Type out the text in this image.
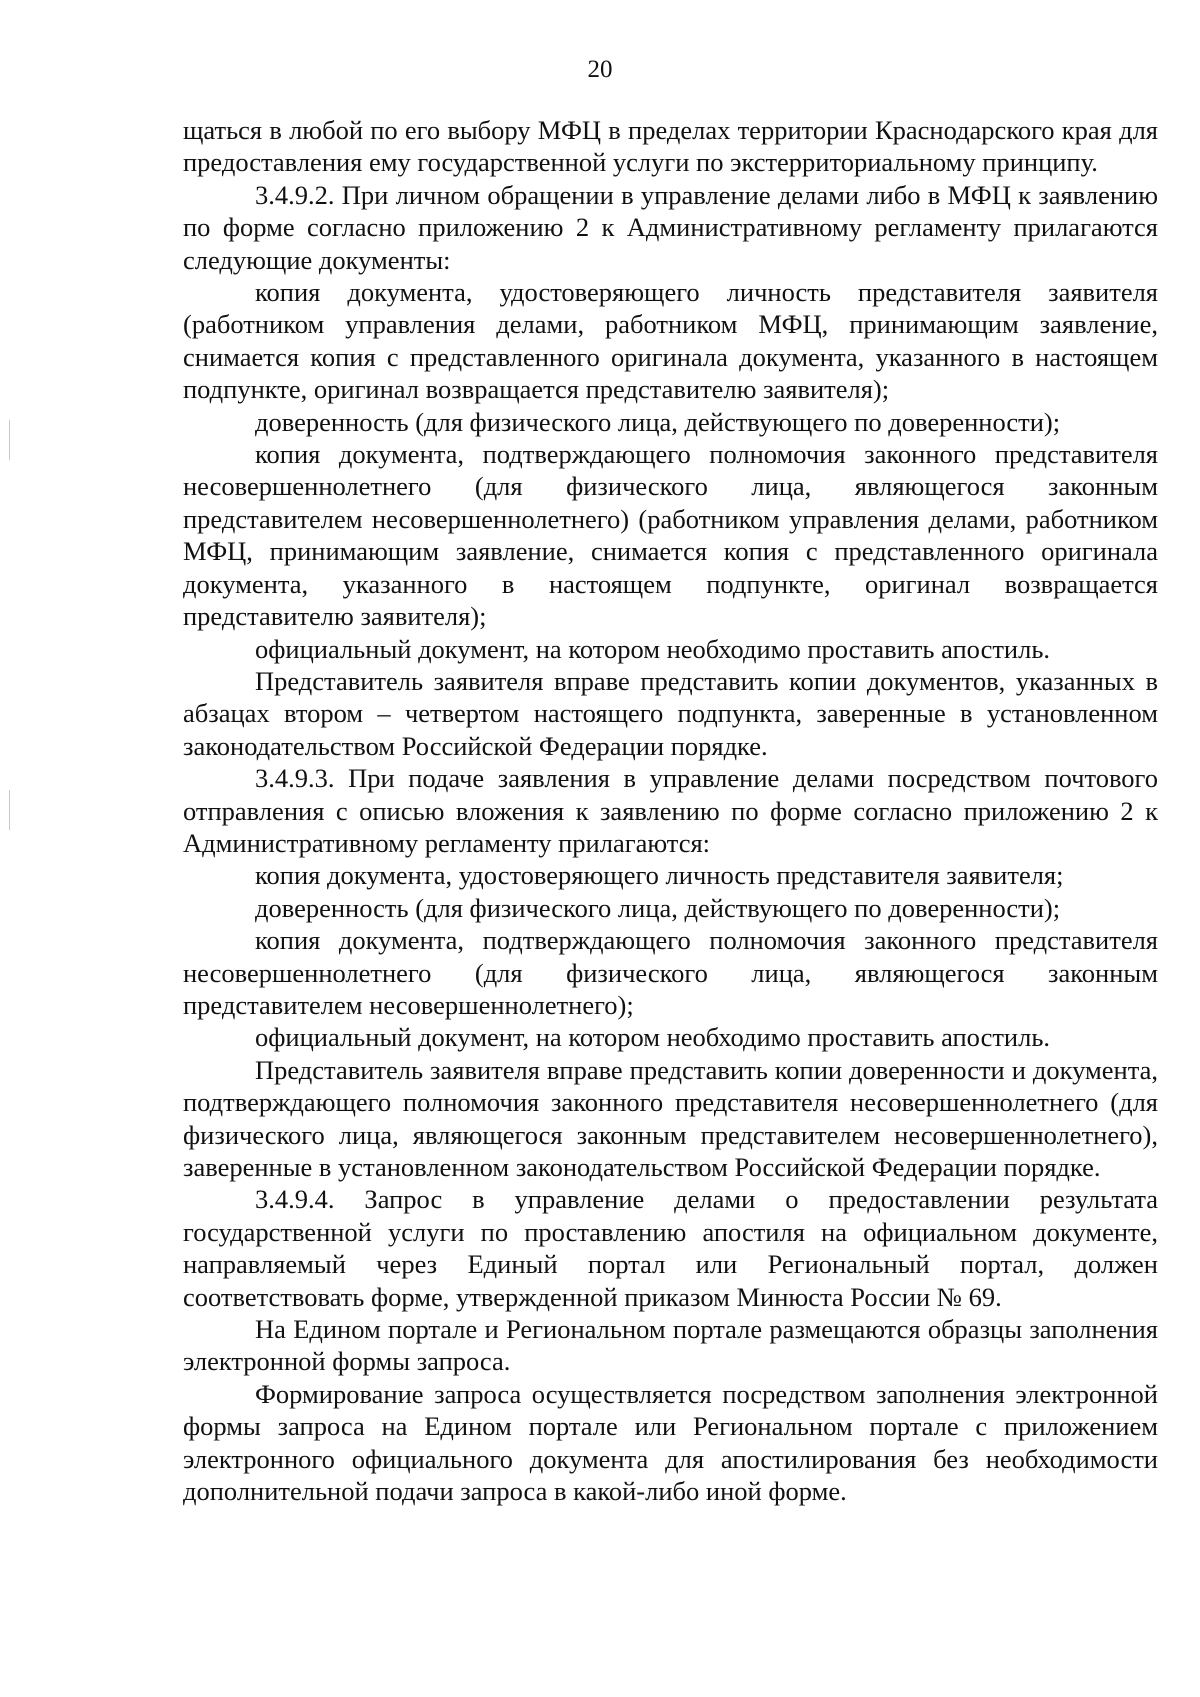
20

щаться в любой по его выбору МФЦ в пределах территории Краснодарского края для предоставления ему государственной услуги по экстерриториальному принципу.

3.4.9.2. При личном обращении в управление делами либо в МФЦ к заявлению по форме согласно приложению 2 к Административному регламенту прилагаются следующие документы:

копия документа, удостоверяющего личность представителя заявителя (работником управления делами, работником МФЦ, принимающим заявление, снимается копия с представленного оригинала документа, указанного в настоящем подпункте, оригинал возвращается представителю заявителя);

доверенность (для физического лица, действующего по доверенности);

копия документа, подтверждающего полномочия законного представителя несовершеннолетнего (для физического лица, являющегося законным представителем несовершеннолетнего) (работником управления делами, работником МФЦ, принимающим заявление, снимается копия с представленного оригинала документа, указанного в настоящем подпункте, оригинал возвращается представителю заявителя);

официальный документ, на котором необходимо проставить апостиль.

Представитель заявителя вправе представить копии документов, указанных в абзацах втором – четвертом настоящего подпункта, заверенные в установленном законодательством Российской Федерации порядке.

3.4.9.3. При подаче заявления в управление делами посредством почтового отправления с описью вложения к заявлению по форме согласно приложению 2 к Административному регламенту прилагаются:

копия документа, удостоверяющего личность представителя заявителя;

доверенность (для физического лица, действующего по доверенности);

копия документа, подтверждающего полномочия законного представителя несовершеннолетнего (для физического лица, являющегося законным представителем несовершеннолетнего);

официальный документ, на котором необходимо проставить апостиль.

Представитель заявителя вправе представить копии доверенности и документа, подтверждающего полномочия законного представителя несовершеннолетнего (для физического лица, являющегося законным представителем несовершеннолетнего), заверенные в установленном законодательством Российской Федерации порядке.

3.4.9.4. Запрос в управление делами о предоставлении результата государственной услуги по проставлению апостиля на официальном документе, направляемый через Единый портал или Региональный портал, должен соответствовать форме, утвержденной приказом Минюста России № 69.

На Едином портале и Региональном портале размещаются образцы заполнения электронной формы запроса.

Формирование запроса осуществляется посредством заполнения электронной формы запроса на Едином портале или Региональном портале с приложением электронного официального документа для апостилирования без необходимости дополнительной подачи запроса в какой-либо иной форме.
